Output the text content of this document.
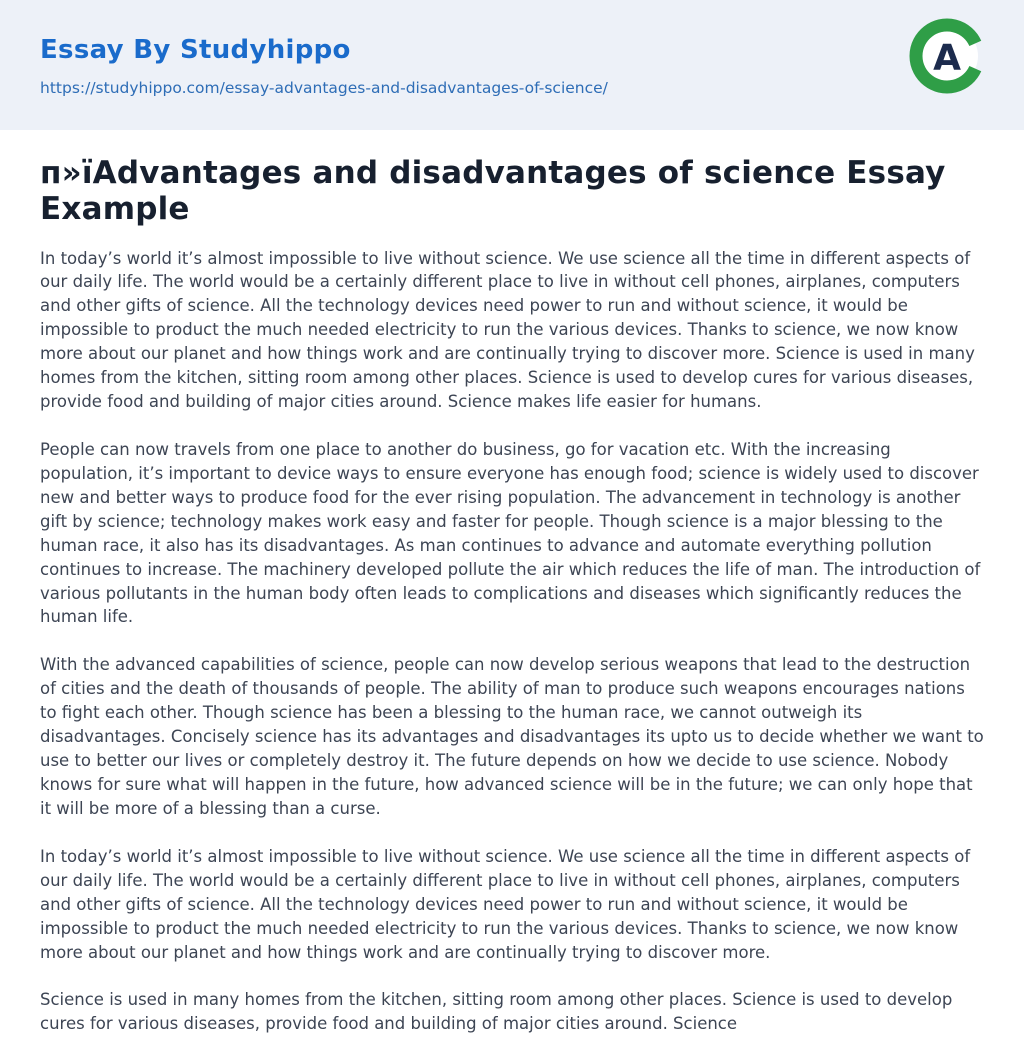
Essay By Studyhippo
https://studyhippo.com/essay-advantages-and-disadvantages-of-science/
A
п»їAdvantages and disadvantages of science Essay Example

In today’s world it’s almost impossible to live without science. We use science all the time in different aspects of our daily life. The world would be a certainly different place to live in without cell phones, airplanes, computers and other gifts of science. All the technology devices need power to run and without science, it would be impossible to product the much needed electricity to run the various devices. Thanks to science, we now know more about our planet and how things work and are continually trying to discover more. Science is used in many homes from the kitchen, sitting room among other places. Science is used to develop cures for various diseases, provide food and building of major cities around. Science makes life easier for humans.

People can now travels from one place to another do business, go for vacation etc. With the increasing population, it’s important to device ways to ensure everyone has enough food; science is widely used to discover new and better ways to produce food for the ever rising population. The advancement in technology is another gift by science; technology makes work easy and faster for people. Though science is a major blessing to the human race, it also has its disadvantages. As man continues to advance and automate everything pollution continues to increase. The machinery developed pollute the air which reduces the life of man. The introduction of various pollutants in the human body often leads to complications and diseases which significantly reduces the human life.

With the advanced capabilities of science, people can now develop serious weapons that lead to the destruction of cities and the death of thousands of people. The ability of man to produce such weapons encourages nations to fight each other. Though science has been a blessing to the human race, we cannot outweigh its disadvantages. Concisely science has its advantages and disadvantages its upto us to decide whether we want to use to better our lives or completely destroy it. The future depends on how we decide to use science. Nobody knows for sure what will happen in the future, how advanced science will be in the future; we can only hope that it will be more of a blessing than a curse.

In today’s world it’s almost impossible to live without science. We use science all the time in different aspects of our daily life. The world would be a certainly different place to live in without cell phones, airplanes, computers and other gifts of science. All the technology devices need power to run and without science, it would be impossible to product the much needed electricity to run the various devices. Thanks to science, we now know more about our planet and how things work and are continually trying to discover more.

Science is used in many homes from the kitchen, sitting room among other places. Science is used to develop cures for various diseases, provide food and building of major cities around. Science
